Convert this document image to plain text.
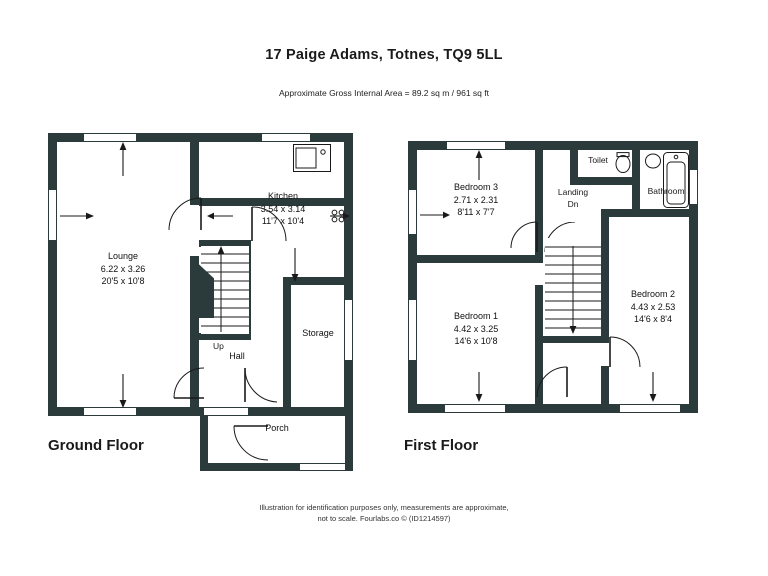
17 Paige Adams, Totnes, TQ9 5LL
Approximate Gross Internal Area = 89.2 sq m / 961 sq ft
Up
Lounge
6.22 x 3.26
20'5 x 10'8
Kitchen
3.54 x 3.14
11'7 x 10'4
Storage
Hall
Porch
Ground Floor
Bedroom 3
2.71 x 2.31
8'11 x 7'7
Bedroom 1
4.42 x 3.25
14'6 x 10'8
Bedroom 2
4.43 x 2.53
14'6 x 8'4
Landing
Dn
Toilet
Bathroom
First Floor
Illustration for identification purposes only, measurements are approximate,
not to scale. Fourlabs.co © (ID1214597)
